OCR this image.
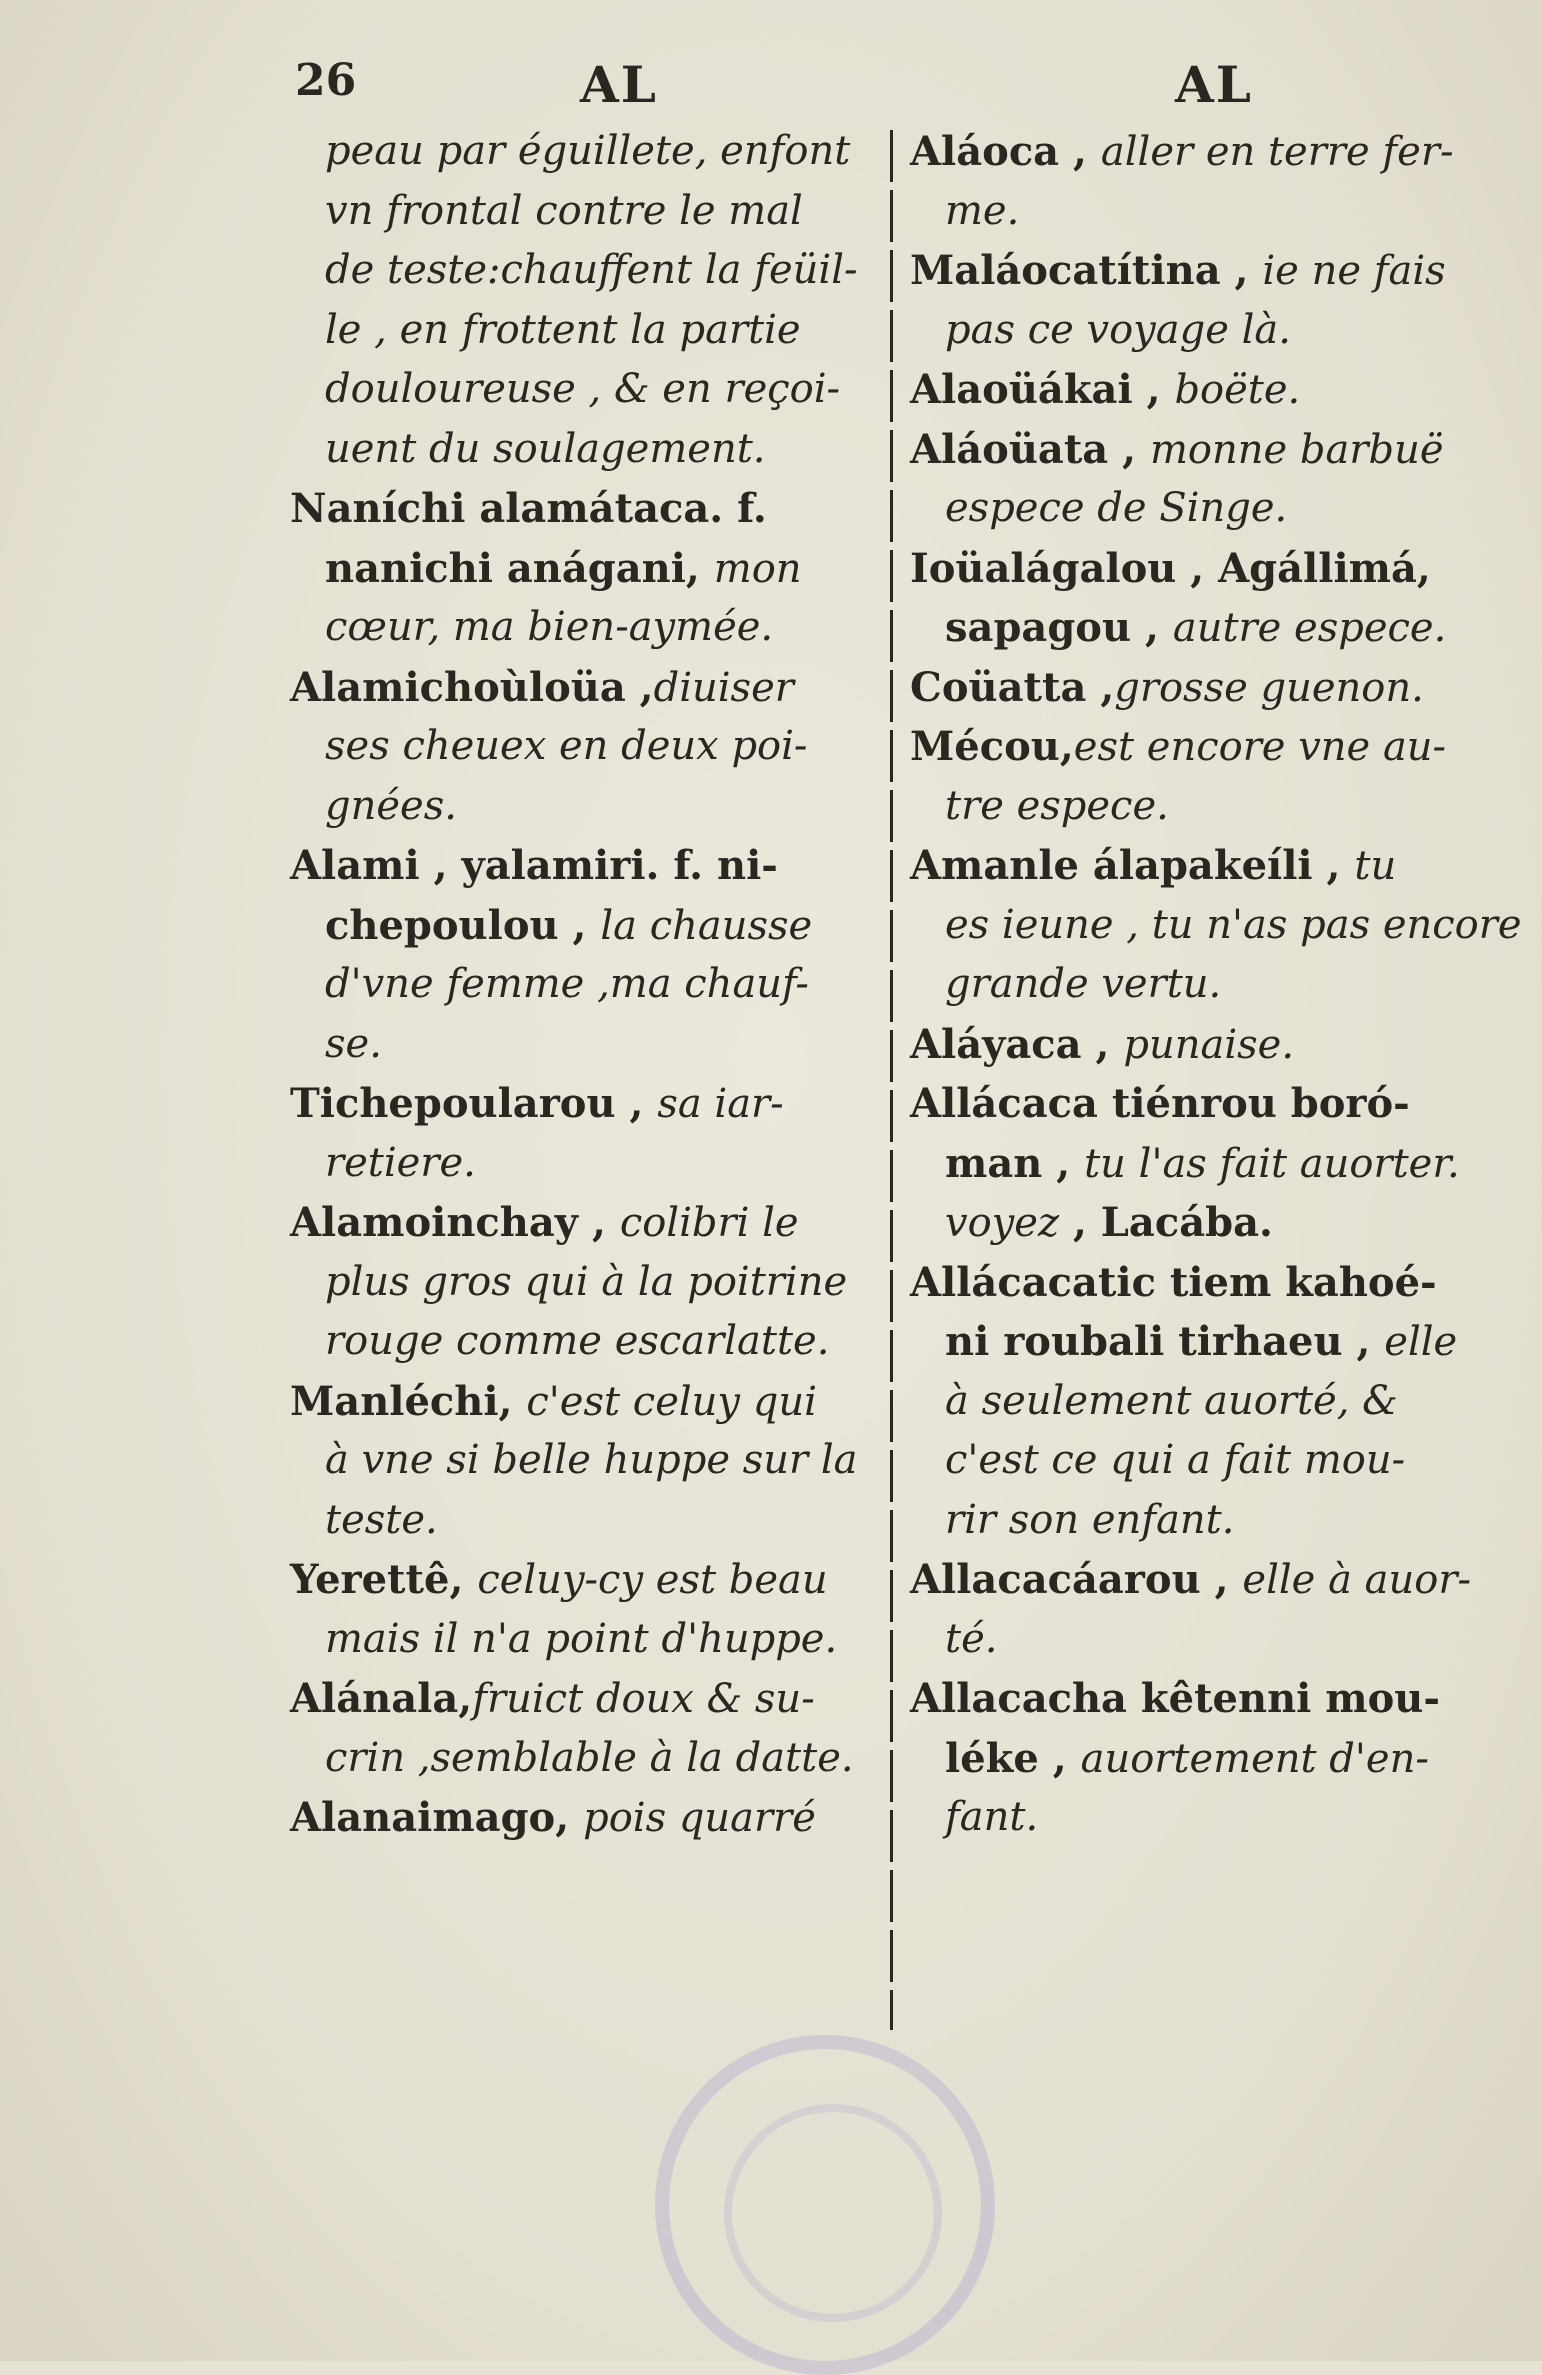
26	AL	AL
peau par éguillete, enfont
vn frontal contre le mal
de teste:chauffent la feüil-
le , en frottent la partie
douloureuse , & en reçoi-
uent du soulagement.
Naníchi alamátaca. f.
nanichi anágani, mon
cœur, ma bien-aymée.
Alamichoùloüa ,diuiser
ses cheuex en deux poi-
gnées.
Alami , yalamiri. f. ni-
chepoulou , la chausse
d'vne femme ,ma chauf-
se.
Tichepoularou , sa iar-
retiere.
Alamoinchay , colibri le
plus gros qui à la poitrine
rouge comme escarlatte.
Manléchi, c'est celuy qui
à vne si belle huppe sur la
teste.
Yerettê, celuy-cy est beau
mais il n'a point d'huppe.
Alánala,fruict doux & su-
crin ,semblable à la datte.
Alanaimago, pois quarré
Aláoca , aller en terre fer-
me.
Maláocatítina , ie ne fais
pas ce voyage là.
Alaoüákai , boëte.
Aláoüata , monne barbuë
espece de Singe.
Ioüalágalou , Agállimá,
sapagou , autre espece.
Coüatta ,grosse guenon.
Mécou,est encore vne au-
tre espece.
Amanle álapakeíli , tu
es ieune , tu n'as pas encore
grande vertu.
Aláyaca , punaise.
Allácaca tiénrou boró-
man , tu l'as fait auorter.
voyez , Lacába.
Allácacatic tiem kahoé-
ni roubali tirhaeu , elle
à seulement auorté, &
c'est ce qui a fait mou-
rir son enfant.
Allacacáarou , elle à auor-
té.
Allacacha kêtenni mou-
léke , auortement d'en-
fant.
